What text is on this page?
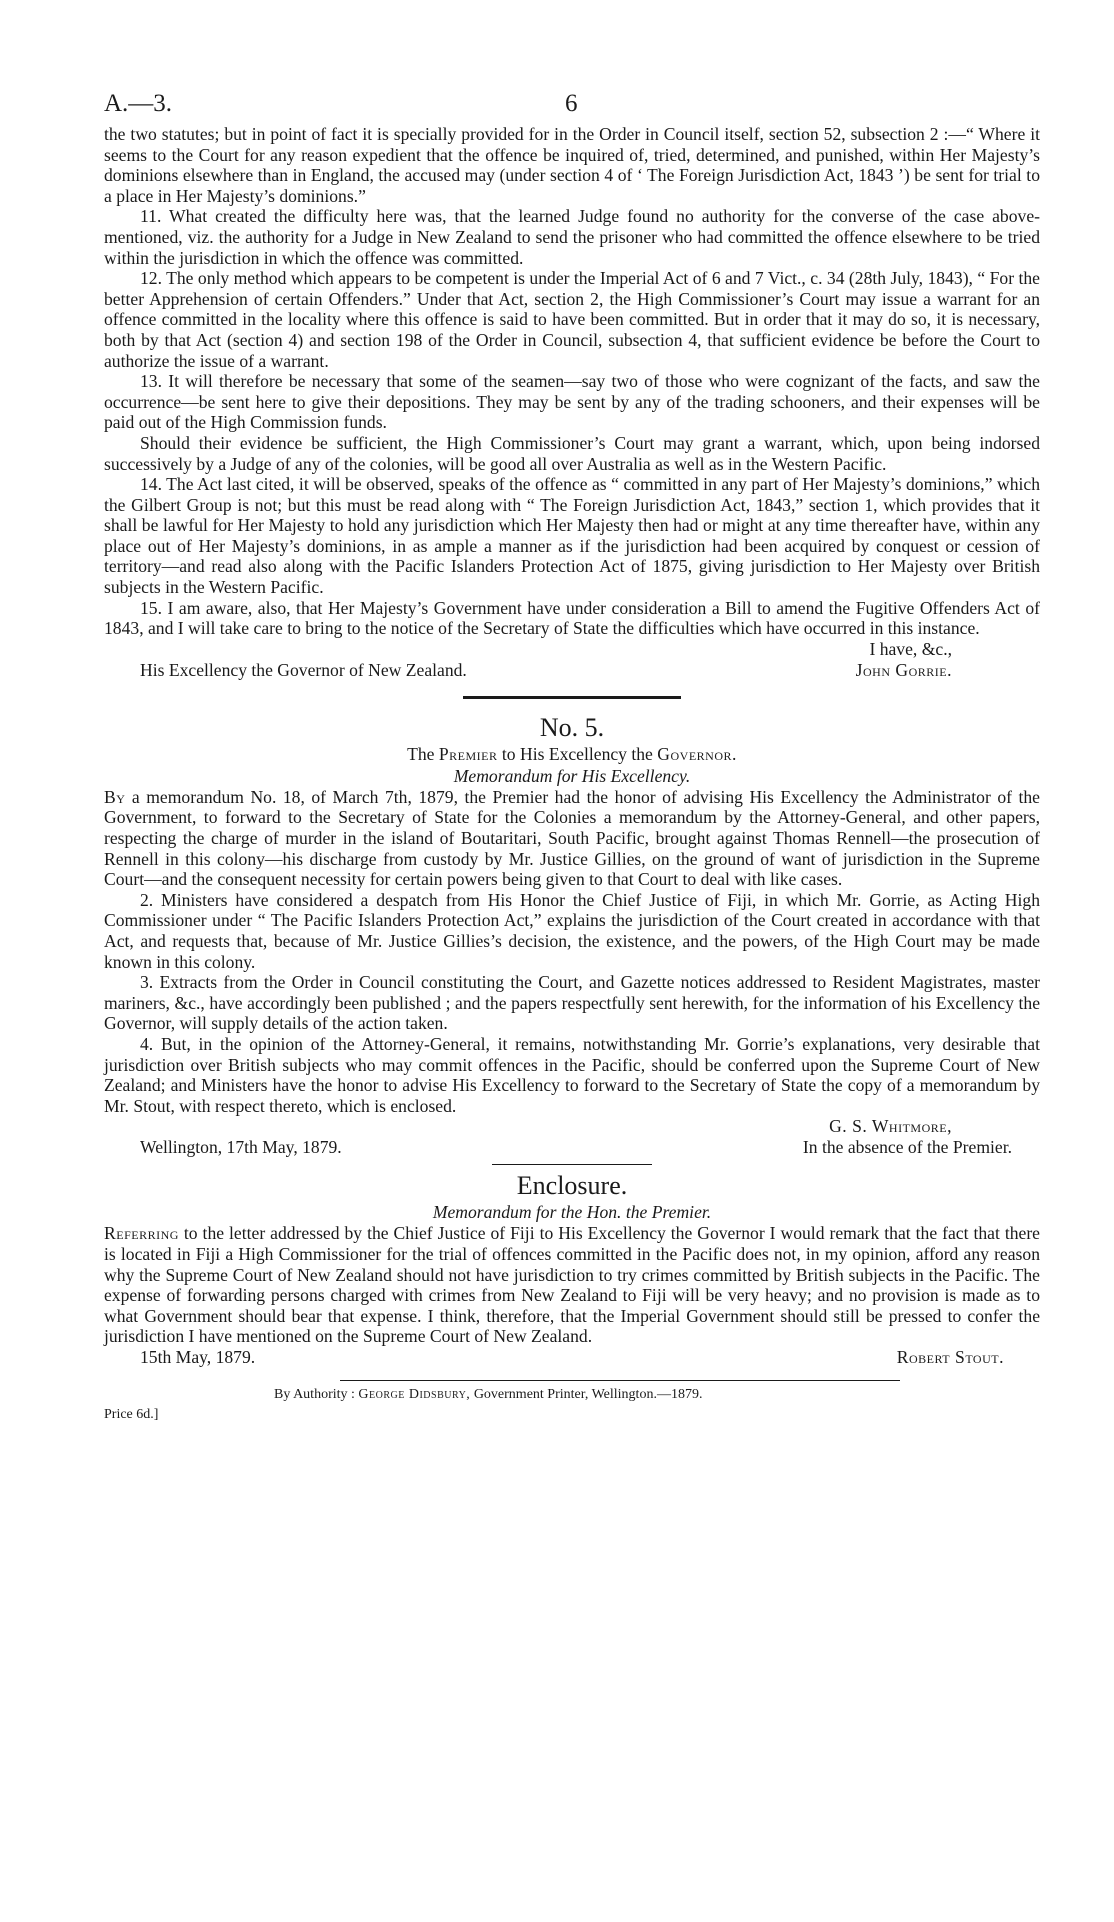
A.—3.	6

the two statutes; but in point of fact it is specially provided for in the Order in Council itself, section 52, subsection 2 :—“ Where it seems to the Court for any reason expedient that the offence be inquired of, tried, determined, and punished, within Her Majesty’s dominions elsewhere than in England, the accused may (under section 4 of ‘ The Foreign Jurisdiction Act, 1843 ’) be sent for trial to a place in Her Majesty’s dominions.”

11. What created the difficulty here was, that the learned Judge found no authority for the converse of the case above-mentioned, viz. the authority for a Judge in New Zealand to send the prisoner who had committed the offence elsewhere to be tried within the jurisdiction in which the offence was committed.

12. The only method which appears to be competent is under the Imperial Act of 6 and 7 Vict., c. 34 (28th July, 1843), “ For the better Apprehension of certain Offenders.” Under that Act, section 2, the High Commissioner’s Court may issue a warrant for an offence committed in the locality where this offence is said to have been committed. But in order that it may do so, it is necessary, both by that Act (section 4) and section 198 of the Order in Council, subsection 4, that sufficient evidence be before the Court to authorize the issue of a warrant.

13. It will therefore be necessary that some of the seamen—say two of those who were cognizant of the facts, and saw the occurrence—be sent here to give their depositions. They may be sent by any of the trading schooners, and their expenses will be paid out of the High Commission funds.

Should their evidence be sufficient, the High Commissioner’s Court may grant a warrant, which, upon being indorsed successively by a Judge of any of the colonies, will be good all over Australia as well as in the Western Pacific.

14. The Act last cited, it will be observed, speaks of the offence as “ committed in any part of Her Majesty’s dominions,” which the Gilbert Group is not; but this must be read along with “ The Foreign Jurisdiction Act, 1843,” section 1, which provides that it shall be lawful for Her Majesty to hold any jurisdiction which Her Majesty then had or might at any time thereafter have, within any place out of Her Majesty’s dominions, in as ample a manner as if the jurisdiction had been acquired by conquest or cession of territory—and read also along with the Pacific Islanders Protection Act of 1875, giving jurisdiction to Her Majesty over British subjects in the Western Pacific.

15. I am aware, also, that Her Majesty’s Government have under consideration a Bill to amend the Fugitive Offenders Act of 1843, and I will take care to bring to the notice of the Secretary of State the difficulties which have occurred in this instance.

I have, &c.,
His Excellency the Governor of New Zealand.	John Gorrie.
No. 5.
The Premier to His Excellency the Governor.
Memorandum for His Excellency.

By a memorandum No. 18, of March 7th, 1879, the Premier had the honor of advising His Excellency the Administrator of the Government, to forward to the Secretary of State for the Colonies a memorandum by the Attorney-General, and other papers, respecting the charge of murder in the island of Boutaritari, South Pacific, brought against Thomas Rennell—the prosecution of Rennell in this colony—his discharge from custody by Mr. Justice Gillies, on the ground of want of jurisdiction in the Supreme Court—and the consequent necessity for certain powers being given to that Court to deal with like cases.

2. Ministers have considered a despatch from His Honor the Chief Justice of Fiji, in which Mr. Gorrie, as Acting High Commissioner under “ The Pacific Islanders Protection Act,” explains the jurisdiction of the Court created in accordance with that Act, and requests that, because of Mr. Justice Gillies’s decision, the existence, and the powers, of the High Court may be made known in this colony.

3. Extracts from the Order in Council constituting the Court, and Gazette notices addressed to Resident Magistrates, master mariners, &c., have accordingly been published ; and the papers respectfully sent herewith, for the information of his Excellency the Governor, will supply details of the action taken.

4. But, in the opinion of the Attorney-General, it remains, notwithstanding Mr. Gorrie’s explanations, very desirable that jurisdiction over British subjects who may commit offences in the Pacific, should be conferred upon the Supreme Court of New Zealand; and Ministers have the honor to advise His Excellency to forward to the Secretary of State the copy of a memorandum by Mr. Stout, with respect thereto, which is enclosed.

G. S. Whitmore,
Wellington, 17th May, 1879.	In the absence of the Premier.
Enclosure.
Memorandum for the Hon. the Premier.

Referring to the letter addressed by the Chief Justice of Fiji to His Excellency the Governor I would remark that the fact that there is located in Fiji a High Commissioner for the trial of offences committed in the Pacific does not, in my opinion, afford any reason why the Supreme Court of New Zealand should not have jurisdiction to try crimes committed by British subjects in the Pacific. The expense of forwarding persons charged with crimes from New Zealand to Fiji will be very heavy; and no provision is made as to what Government should bear that expense. I think, therefore, that the Imperial Government should still be pressed to confer the jurisdiction I have mentioned on the Supreme Court of New Zealand.

15th May, 1879.	Robert Stout.
By Authority : George Didsbury, Government Printer, Wellington.—1879.
Price 6d.]
